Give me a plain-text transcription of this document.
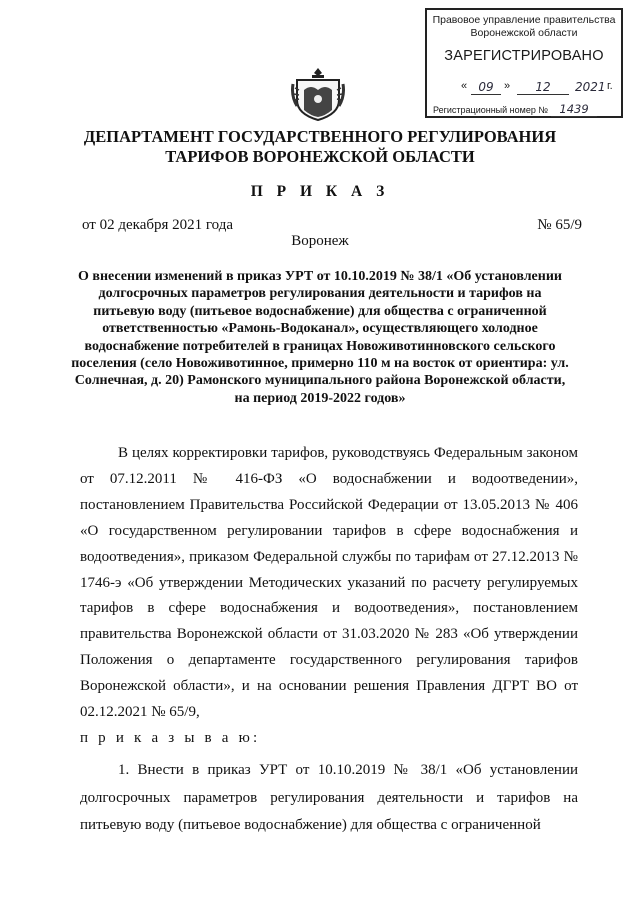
Правовое управление правительства Воронежской области
ЗАРЕГИСТРИРОВАНО
« 09 »	12	2021 г.
Регистрационный номер № 1439
ДЕПАРТАМЕНТ ГОСУДАРСТВЕННОГО РЕГУЛИРОВАНИЯ ТАРИФОВ ВОРОНЕЖСКОЙ ОБЛАСТИ
П Р И К А З
от 02 декабря 2021 года	№ 65/9
Воронеж
О внесении изменений в приказ УРТ от 10.10.2019 № 38/1 «Об установлении долгосрочных параметров регулирования деятельности и тарифов на питьевую воду (питьевое водоснабжение) для общества с ограниченной ответственностью «Рамонь-Водоканал», осуществляющего холодное водоснабжение потребителей в границах Новоживотинновского сельского поселения (село Новоживотинное, примерно 110 м на восток от ориентира: ул. Солнечная, д. 20) Рамонского муниципального района Воронежской области, на период 2019-2022 годов»
В целях корректировки тарифов, руководствуясь Федеральным законом от 07.12.2011 № 416-ФЗ «О водоснабжении и водоотведении», постановлением Правительства Российской Федерации от 13.05.2013 № 406 «О государственном регулировании тарифов в сфере водоснабжения и водоотведения», приказом Федеральной службы по тарифам от 27.12.2013 № 1746-э «Об утверждении Методических указаний по расчету регулируемых тарифов в сфере водоснабжения и водоотведения», постановлением правительства Воронежской области от 31.03.2020 № 283 «Об утверждении Положения о департаменте государственного регулирования тарифов Воронежской области», и на основании решения Правления ДГРТ ВО от 02.12.2021 № 65/9,
п р и к а з ы в а ю:
1. Внести в приказ УРТ от 10.10.2019 № 38/1 «Об установлении долгосрочных параметров регулирования деятельности и тарифов на питьевую воду (питьевое водоснабжение) для общества с ограниченной
